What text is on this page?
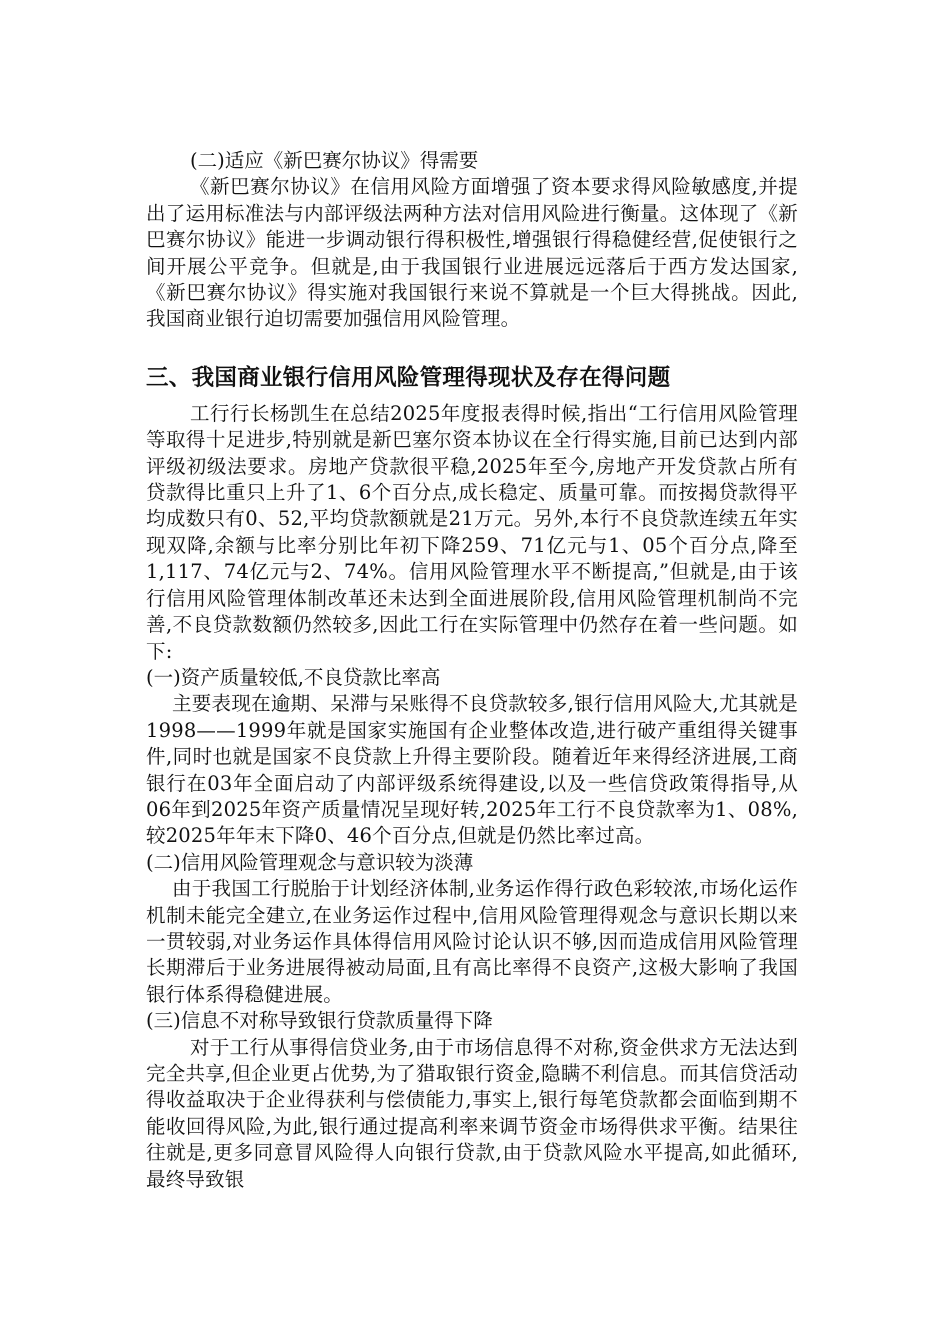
(二)适应《新巴赛尔协议》得需要

《新巴赛尔协议》在信用风险方面增强了资本要求得风险敏感度,并提出了运用标准法与内部评级法两种方法对信用风险进行衡量。这体现了《新巴赛尔协议》能进一步调动银行得积极性,增强银行得稳健经营,促使银行之间开展公平竞争。但就是,由于我国银行业进展远远落后于西方发达国家,《新巴赛尔协议》得实施对我国银行来说不算就是一个巨大得挑战。因此,我国商业银行迫切需要加强信用风险管理。

三、我国商业银行信用风险管理得现状及存在得问题

工行行长杨凯生在总结2025年度报表得时候,指出“工行信用风险管理等取得十足进步,特别就是新巴塞尔资本协议在全行得实施,目前已达到内部评级初级法要求。房地产贷款很平稳,2025年至今,房地产开发贷款占所有贷款得比重只上升了1、6个百分点,成长稳定、质量可靠。而按揭贷款得平均成数只有0、52,平均贷款额就是21万元。另外,本行不良贷款连续五年实现双降,余额与比率分别比年初下降259、71亿元与1、05个百分点,降至1,117、74亿元与2、74%。信用风险管理水平不断提高,”但就是,由于该行信用风险管理体制改革还未达到全面进展阶段,信用风险管理机制尚不完善,不良贷款数额仍然较多,因此工行在实际管理中仍然存在着一些问题。如下:

(一)资产质量较低,不良贷款比率高

主要表现在逾期、呆滞与呆账得不良贷款较多,银行信用风险大,尤其就是1998——1999年就是国家实施国有企业整体改造,进行破产重组得关键事件,同时也就是国家不良贷款上升得主要阶段。随着近年来得经济进展,工商银行在03年全面启动了内部评级系统得建设,以及一些信贷政策得指导,从06年到2025年资产质量情况呈现好转,2025年工行不良贷款率为1、08%,较2025年年末下降0、46个百分点,但就是仍然比率过高。

(二)信用风险管理观念与意识较为淡薄

由于我国工行脱胎于计划经济体制,业务运作得行政色彩较浓,市场化运作机制未能完全建立,在业务运作过程中,信用风险管理得观念与意识长期以来一贯较弱,对业务运作具体得信用风险讨论认识不够,因而造成信用风险管理长期滞后于业务进展得被动局面,且有高比率得不良资产,这极大影响了我国银行体系得稳健进展。

(三)信息不对称导致银行贷款质量得下降

对于工行从事得信贷业务,由于市场信息得不对称,资金供求方无法达到完全共享,但企业更占优势,为了猎取银行资金,隐瞒不利信息。而其信贷活动得收益取决于企业得获利与偿债能力,事实上,银行每笔贷款都会面临到期不能收回得风险,为此,银行通过提高利率来调节资金市场得供求平衡。结果往往就是,更多同意冒风险得人向银行贷款,由于贷款风险水平提高,如此循环,最终导致银
